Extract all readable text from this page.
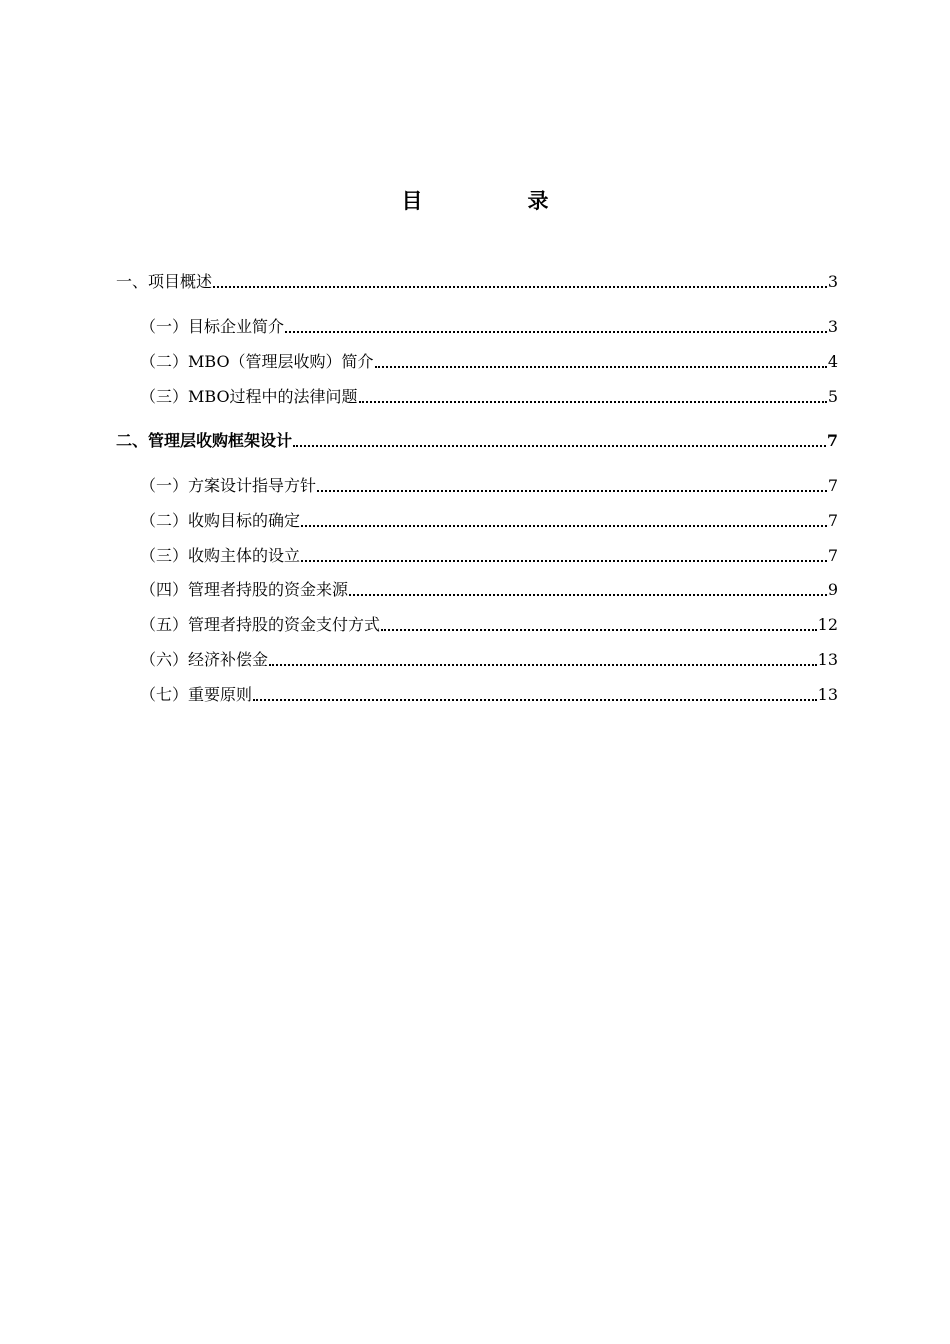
目　录
一、项目概述	3
（一）目标企业简介	3
（二）MBO（管理层收购）简介	4
（三）MBO过程中的法律问题	5
二、管理层收购框架设计	7
（一）方案设计指导方针	7
（二）收购目标的确定	7
（三）收购主体的设立	7
（四）管理者持股的资金来源	9
（五）管理者持股的资金支付方式	12
（六）经济补偿金	13
（七）重要原则	13
